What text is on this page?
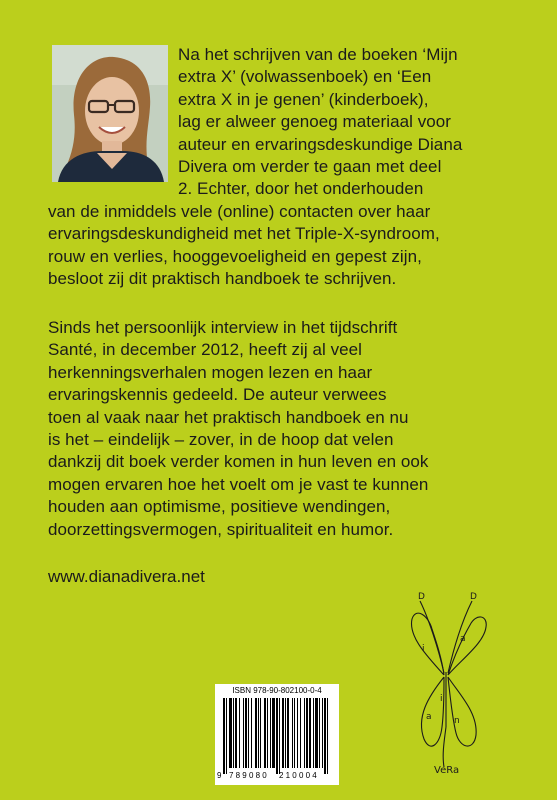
Na het schrijven van de boeken ‘Mijn
extra X’ (volwassenboek) en ‘Een
extra X in je genen’ (kinderboek),
lag er alweer genoeg materiaal voor
auteur en ervaringsdeskundige Diana
Divera om verder te gaan met deel
2. Echter, door het onderhouden
van de inmiddels vele (online) contacten over haar
ervaringsdeskundigheid met het Triple-X-syndroom,
rouw en verlies, hooggevoeligheid en gepest zijn,
besloot zij dit praktisch handboek te schrijven.
Sinds het persoonlijk interview in het tijdschrift
Santé, in december 2012, heeft zij al veel
herkenningsverhalen mogen lezen en haar
ervaringskennis gedeeld. De auteur verwees
toen al vaak naar het praktisch handboek en nu
is het – eindelijk – zover, in de hoop dat velen
dankzij dit boek verder komen in hun leven en ook
mogen ervaren hoe het voelt om je vast te kunnen
houden aan optimisme, positieve wendingen,
doorzettingsvermogen, spiritualiteit en humor.
www.dianadivera.net
ISBN 978-90-802100-0-4
9 789080 210004
D	D
a
i
a n
i
VeRa
